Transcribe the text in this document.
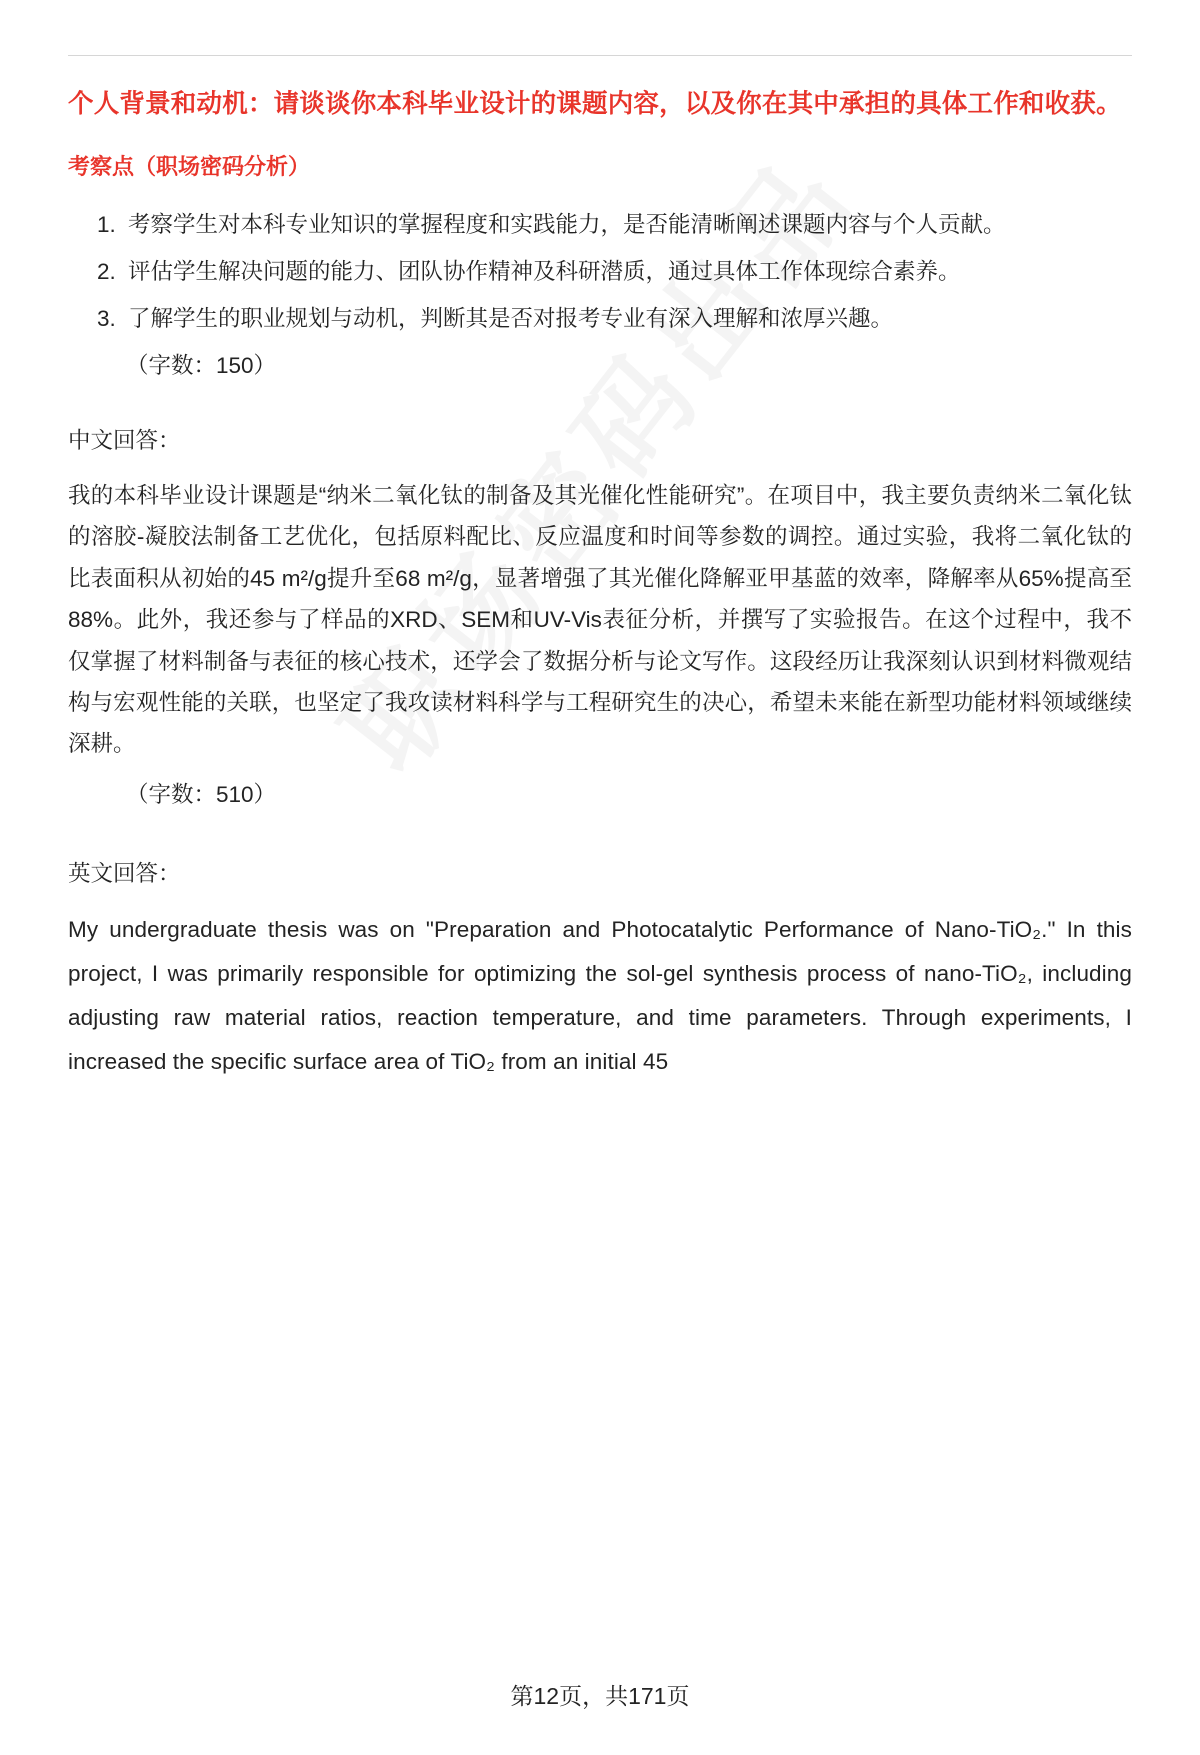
个人背景和动机：请谈谈你本科毕业设计的课题内容，以及你在其中承担的具体工作和收获。
考察点（职场密码分析）
1. 考察学生对本科专业知识的掌握程度和实践能力，是否能清晰阐述课题内容与个人贡献。
2. 评估学生解决问题的能力、团队协作精神及科研潜质，通过具体工作体现综合素养。
3. 了解学生的职业规划与动机，判断其是否对报考专业有深入理解和浓厚兴趣。
（字数：150）
中文回答：

我的本科毕业设计课题是“纳米二氧化钛的制备及其光催化性能研究”。在项目中，我主要负责纳米二氧化钛的溶胶-凝胶法制备工艺优化，包括原料配比、反应温度和时间等参数的调控。通过实验，我将二氧化钛的比表面积从初始的45 m²/g提升至68 m²/g，显著增强了其光催化降解亚甲基蓝的效率，降解率从65%提高至88%。此外，我还参与了样品的XRD、SEM和UV-Vis表征分析，并撰写了实验报告。在这个过程中，我不仅掌握了材料制备与表征的核心技术，还学会了数据分析与论文写作。这段经历让我深刻认识到材料微观结构与宏观性能的关联，也坚定了我攻读材料科学与工程研究生的决心，希望未来能在新型功能材料领域继续深耕。

（字数：510）
英文回答：

My undergraduate thesis was on "Preparation and Photocatalytic Performance of Nano-TiO₂." In this project, I was primarily responsible for optimizing the sol-gel synthesis process of nano-TiO₂, including adjusting raw material ratios, reaction temperature, and time parameters. Through experiments, I increased the specific surface area of TiO₂ from an initial 45

第12页，共171页
